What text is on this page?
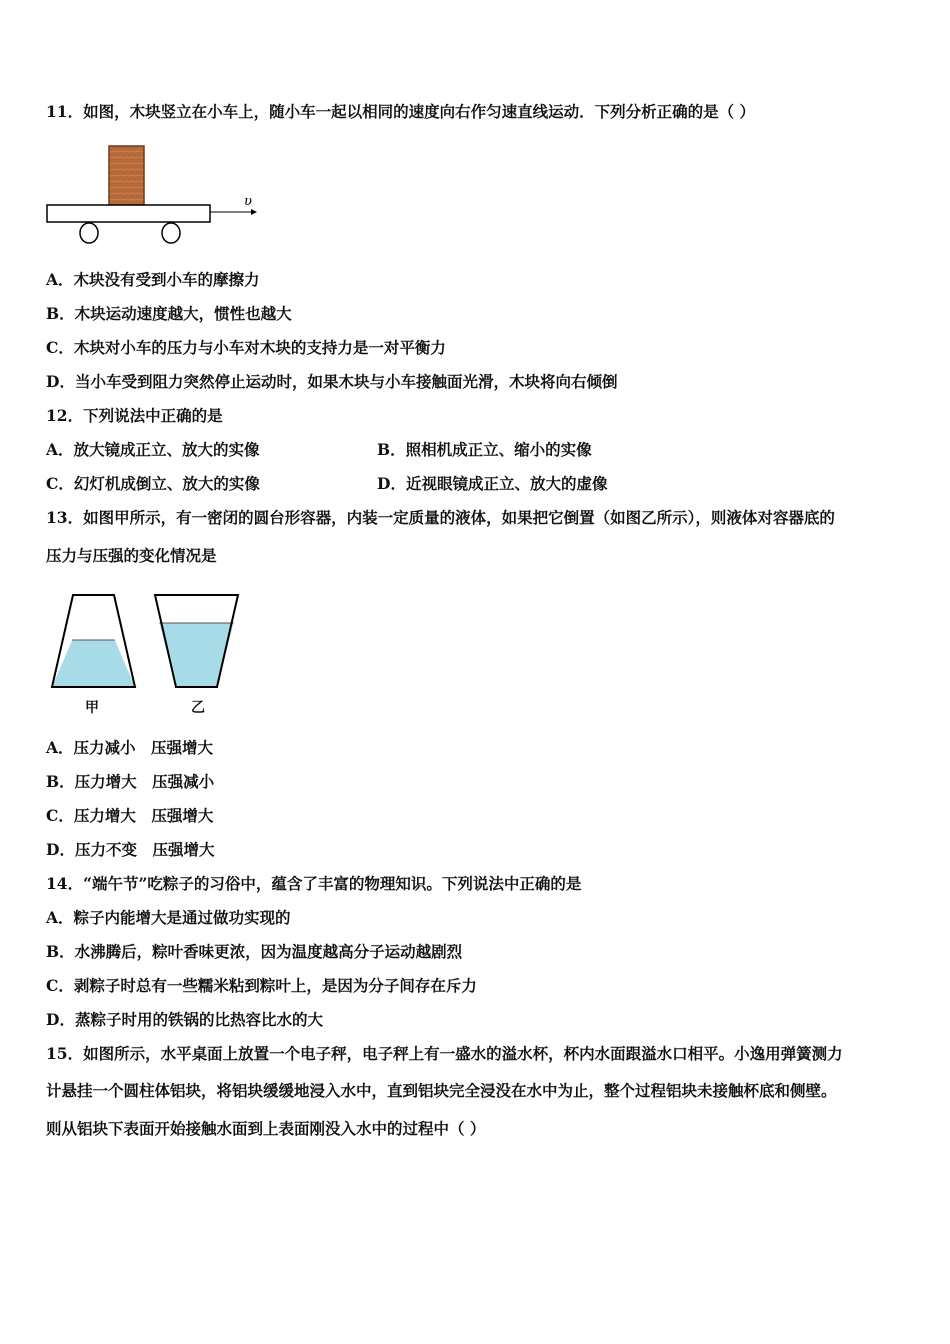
11．如图，木块竖立在小车上，随小车一起以相同的速度向右作匀速直线运动．下列分析正确的是（ ）
υ
A．木块没有受到小车的摩擦力
B．木块运动速度越大，惯性也越大
C．木块对小车的压力与小车对木块的支持力是一对平衡力
D．当小车受到阻力突然停止运动时，如果木块与小车接触面光滑，木块将向右倾倒
12．下列说法中正确的是
A．放大镜成正立、放大的实像	B．照相机成正立、缩小的实像
C．幻灯机成倒立、放大的实像	D．近视眼镜成正立、放大的虚像
13．如图甲所示，有一密闭的圆台形容器，内装一定质量的液体，如果把它倒置（如图乙所示），则液体对容器底的
压力与压强的变化情况是
甲	乙
A．压力减小　压强增大
B．压力增大　压强减小
C．压力增大　压强增大
D．压力不变　压强增大
14．“端午节”吃粽子的习俗中，蕴含了丰富的物理知识。下列说法中正确的是
A．粽子内能增大是通过做功实现的
B．水沸腾后，粽叶香味更浓，因为温度越高分子运动越剧烈
C．剥粽子时总有一些糯米粘到粽叶上，是因为分子间存在斥力
D．蒸粽子时用的铁锅的比热容比水的大
15．如图所示，水平桌面上放置一个电子秤，电子秤上有一盛水的溢水杯，杯内水面跟溢水口相平。小逸用弹簧测力
计悬挂一个圆柱体铝块，将铝块缓缓地浸入水中，直到铝块完全浸没在水中为止，整个过程铝块未接触杯底和侧壁。
则从铝块下表面开始接触水面到上表面刚没入水中的过程中（ ）
